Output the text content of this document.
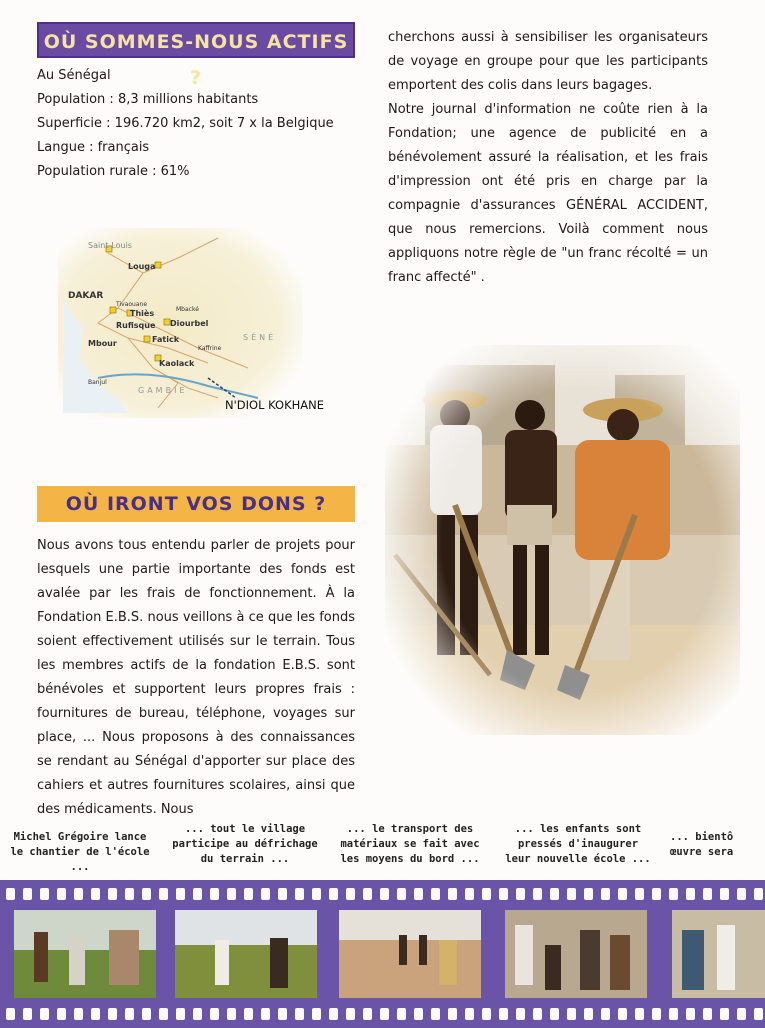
OÙ SOMMES-NOUS ACTIFS ?
Au Sénégal
Population : 8,3 millions habitants
Superficie : 196.720 km2, soit 7 x la Belgique
Langue : français
Population rurale : 61%

cherchons aussi à sensibiliser les organisateurs de voyage en groupe pour que les participants emportent des colis dans leurs bagages.

Notre journal d'information ne coûte rien à la Fondation; une agence de publicité en a bénévolement assuré la réalisation, et les frais d'impression ont été pris en charge par la compagnie d'assurances GÉNÉRAL ACCIDENT, que nous remercions. Voilà comment nous appliquons notre règle de "un franc récolté = un franc affecté" .

Saint-Louis
Louga
DAKAR
Thiès
Rufisque Diourbel
Mbour	Fatick
Kaolack
Mbacké
Tivaouane
Kaffrine
Banjul
SÉNÉ
GAMBIE
N'DIOL KOKHANE
OÙ IRONT VOS DONS ?
Nous avons tous entendu parler de projets pour lesquels une partie importante des fonds est avalée par les frais de fonctionnement. À la Fondation E.B.S. nous veillons à ce que les fonds soient effectivement utilisés sur le terrain. Tous les membres actifs de la fondation E.B.S. sont bénévoles et supportent leurs propres frais : fournitures de bureau, téléphone, voyages sur place, ... Nous proposons à des connaissances se rendant au Sénégal d'apporter sur place des cahiers et autres fournitures scolaires, ainsi que des médicaments. Nous
Michel Grégoire lance le chantier de l'école ...
... tout le village participe au défrichage du terrain ...
... le transport des matériaux se fait avec les moyens du bord ...
... les enfants sont pressés d'inaugurer leur nouvelle école ...
... bientô œuvre sera
